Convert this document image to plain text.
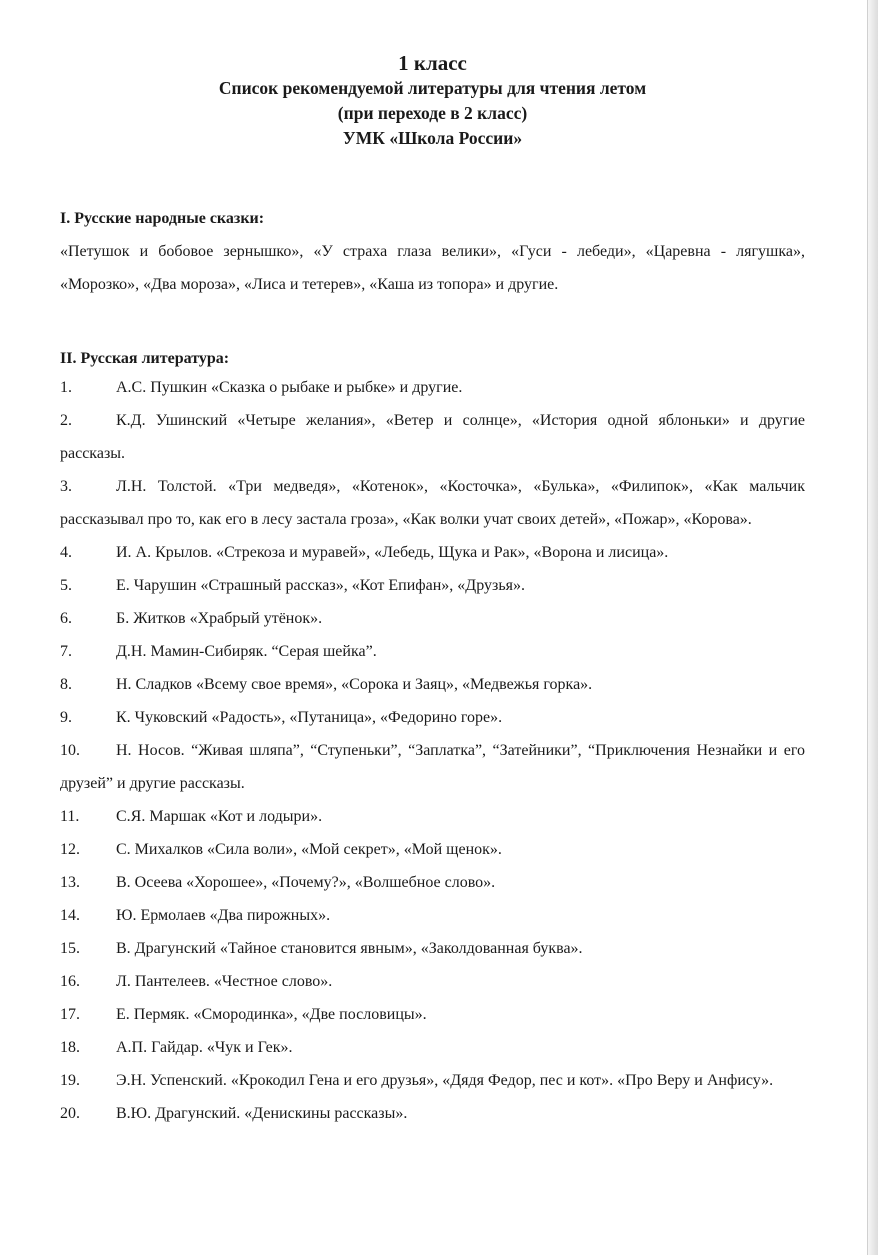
1 класс
Список рекомендуемой литературы для чтения летом
(при переходе в 2 класс)
УМК «Школа России»
I. Русские народные сказки:
«Петушок и бобовое зернышко», «У страха глаза велики», «Гуси - лебеди», «Царевна - лягушка», «Морозко», «Два мороза», «Лиса и тетерев», «Каша из топора» и другие.
II. Русская литература:
1.	А.С. Пушкин «Сказка о рыбаке и рыбке» и другие.
2.	К.Д. Ушинский «Четыре желания», «Ветер и солнце», «История одной яблоньки» и другие рассказы.
3.	Л.Н. Толстой. «Три медведя», «Котенок», «Косточка», «Булька», «Филипок», «Как мальчик рассказывал про то, как его в лесу застала гроза», «Как волки учат своих детей», «Пожар», «Корова».
4.	И. А. Крылов. «Стрекоза и муравей», «Лебедь, Щука и Рак», «Ворона и лисица».
5.	Е. Чарушин «Страшный рассказ», «Кот Епифан», «Друзья».
6.	Б. Житков «Храбрый утёнок».
7.	Д.Н. Мамин-Сибиряк. “Серая шейка”.
8.	Н. Сладков «Всему свое время», «Сорока и Заяц», «Медвежья горка».
9.	К. Чуковский «Радость», «Путаница», «Федорино горе».
10. Н. Носов. “Живая шляпа”, “Ступеньки”, “Заплатка”, “Затейники”, “Приключения Незнайки и его друзей” и другие рассказы.
11. С.Я. Маршак «Кот и лодыри».
12. С. Михалков «Сила воли», «Мой секрет», «Мой щенок».
13. В. Осеева «Хорошее», «Почему?», «Волшебное слово».
14. Ю. Ермолаев «Два пирожных».
15. В. Драгунский «Тайное становится явным», «Заколдованная буква».
16. Л. Пантелеев. «Честное слово».
17. Е. Пермяк. «Смородинка», «Две пословицы».
18. А.П. Гайдар. «Чук и Гек».
19. Э.Н. Успенский. «Крокодил Гена и его друзья», «Дядя Федор, пес и кот». «Про Веру и Анфису».
20. В.Ю. Драгунский. «Денискины рассказы».
